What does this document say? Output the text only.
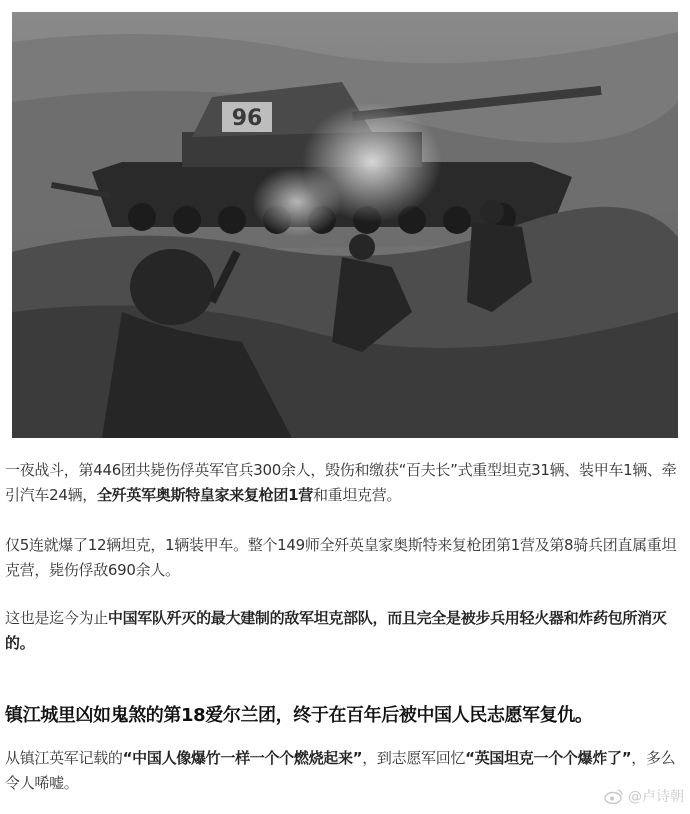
96
一夜战斗，第446团共毙伤俘英军官兵300余人，毁伤和缴获“百夫长”式重型坦克31辆、装甲车1辆、牵引汽车24辆，全歼英军奥斯特皇家来复枪团1营和重坦克营。
仅5连就爆了12辆坦克，1辆装甲车。整个149师全歼英皇家奥斯特来复枪团第1营及第8骑兵团直属重坦克营，毙伤俘敌690余人。
这也是迄今为止中国军队歼灭的最大建制的敌军坦克部队，而且完全是被步兵用轻火器和炸药包所消灭的。
镇江城里凶如鬼煞的第18爱尔兰团，终于在百年后被中国人民志愿军复仇。
从镇江英军记载的“中国人像爆竹一样一个个燃烧起来”，到志愿军回忆“英国坦克一个个爆炸了”，多么令人唏嘘。
@卢诗朝
